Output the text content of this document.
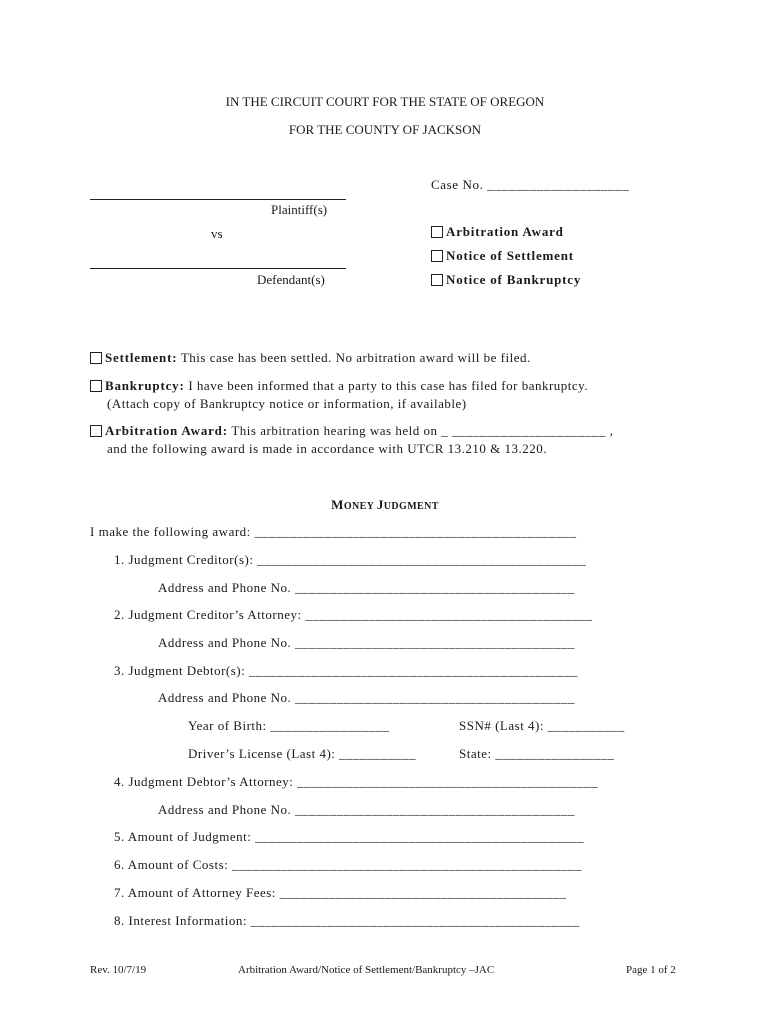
IN THE CIRCUIT COURT FOR THE STATE OF OREGON
FOR THE COUNTY OF JACKSON
Plaintiff(s)
vs
Defendant(s)
Case No. ____________________
Arbitration Award
Notice of Settlement
Notice of Bankruptcy
Settlement: This case has been settled. No arbitration award will be filed.
Bankruptcy: I have been informed that a party to this case has filed for bankruptcy.
(Attach copy of Bankruptcy notice or information, if available)
Arbitration Award: This arbitration hearing was held on _ ______________________ ,
and the following award is made in accordance with UTCR 13.210 & 13.220.
MONEY JUDGMENT
I make the following award: ______________________________________________
1. Judgment Creditor(s): _______________________________________________
Address and Phone No. ________________________________________
2. Judgment Creditor’s Attorney: _________________________________________
Address and Phone No. ________________________________________
3. Judgment Debtor(s): _______________________________________________
Address and Phone No. ________________________________________
Year of Birth: _________________	SSN# (Last 4): ___________
Driver’s License (Last 4): ___________	State: _________________
4. Judgment Debtor’s Attorney: ___________________________________________
Address and Phone No. ________________________________________
5. Amount of Judgment: _______________________________________________
6. Amount of Costs: __________________________________________________
7. Amount of Attorney Fees: _________________________________________
8. Interest Information: _______________________________________________
Rev. 10/7/19	Arbitration Award/Notice of Settlement/Bankruptcy –JAC	Page 1 of 2
